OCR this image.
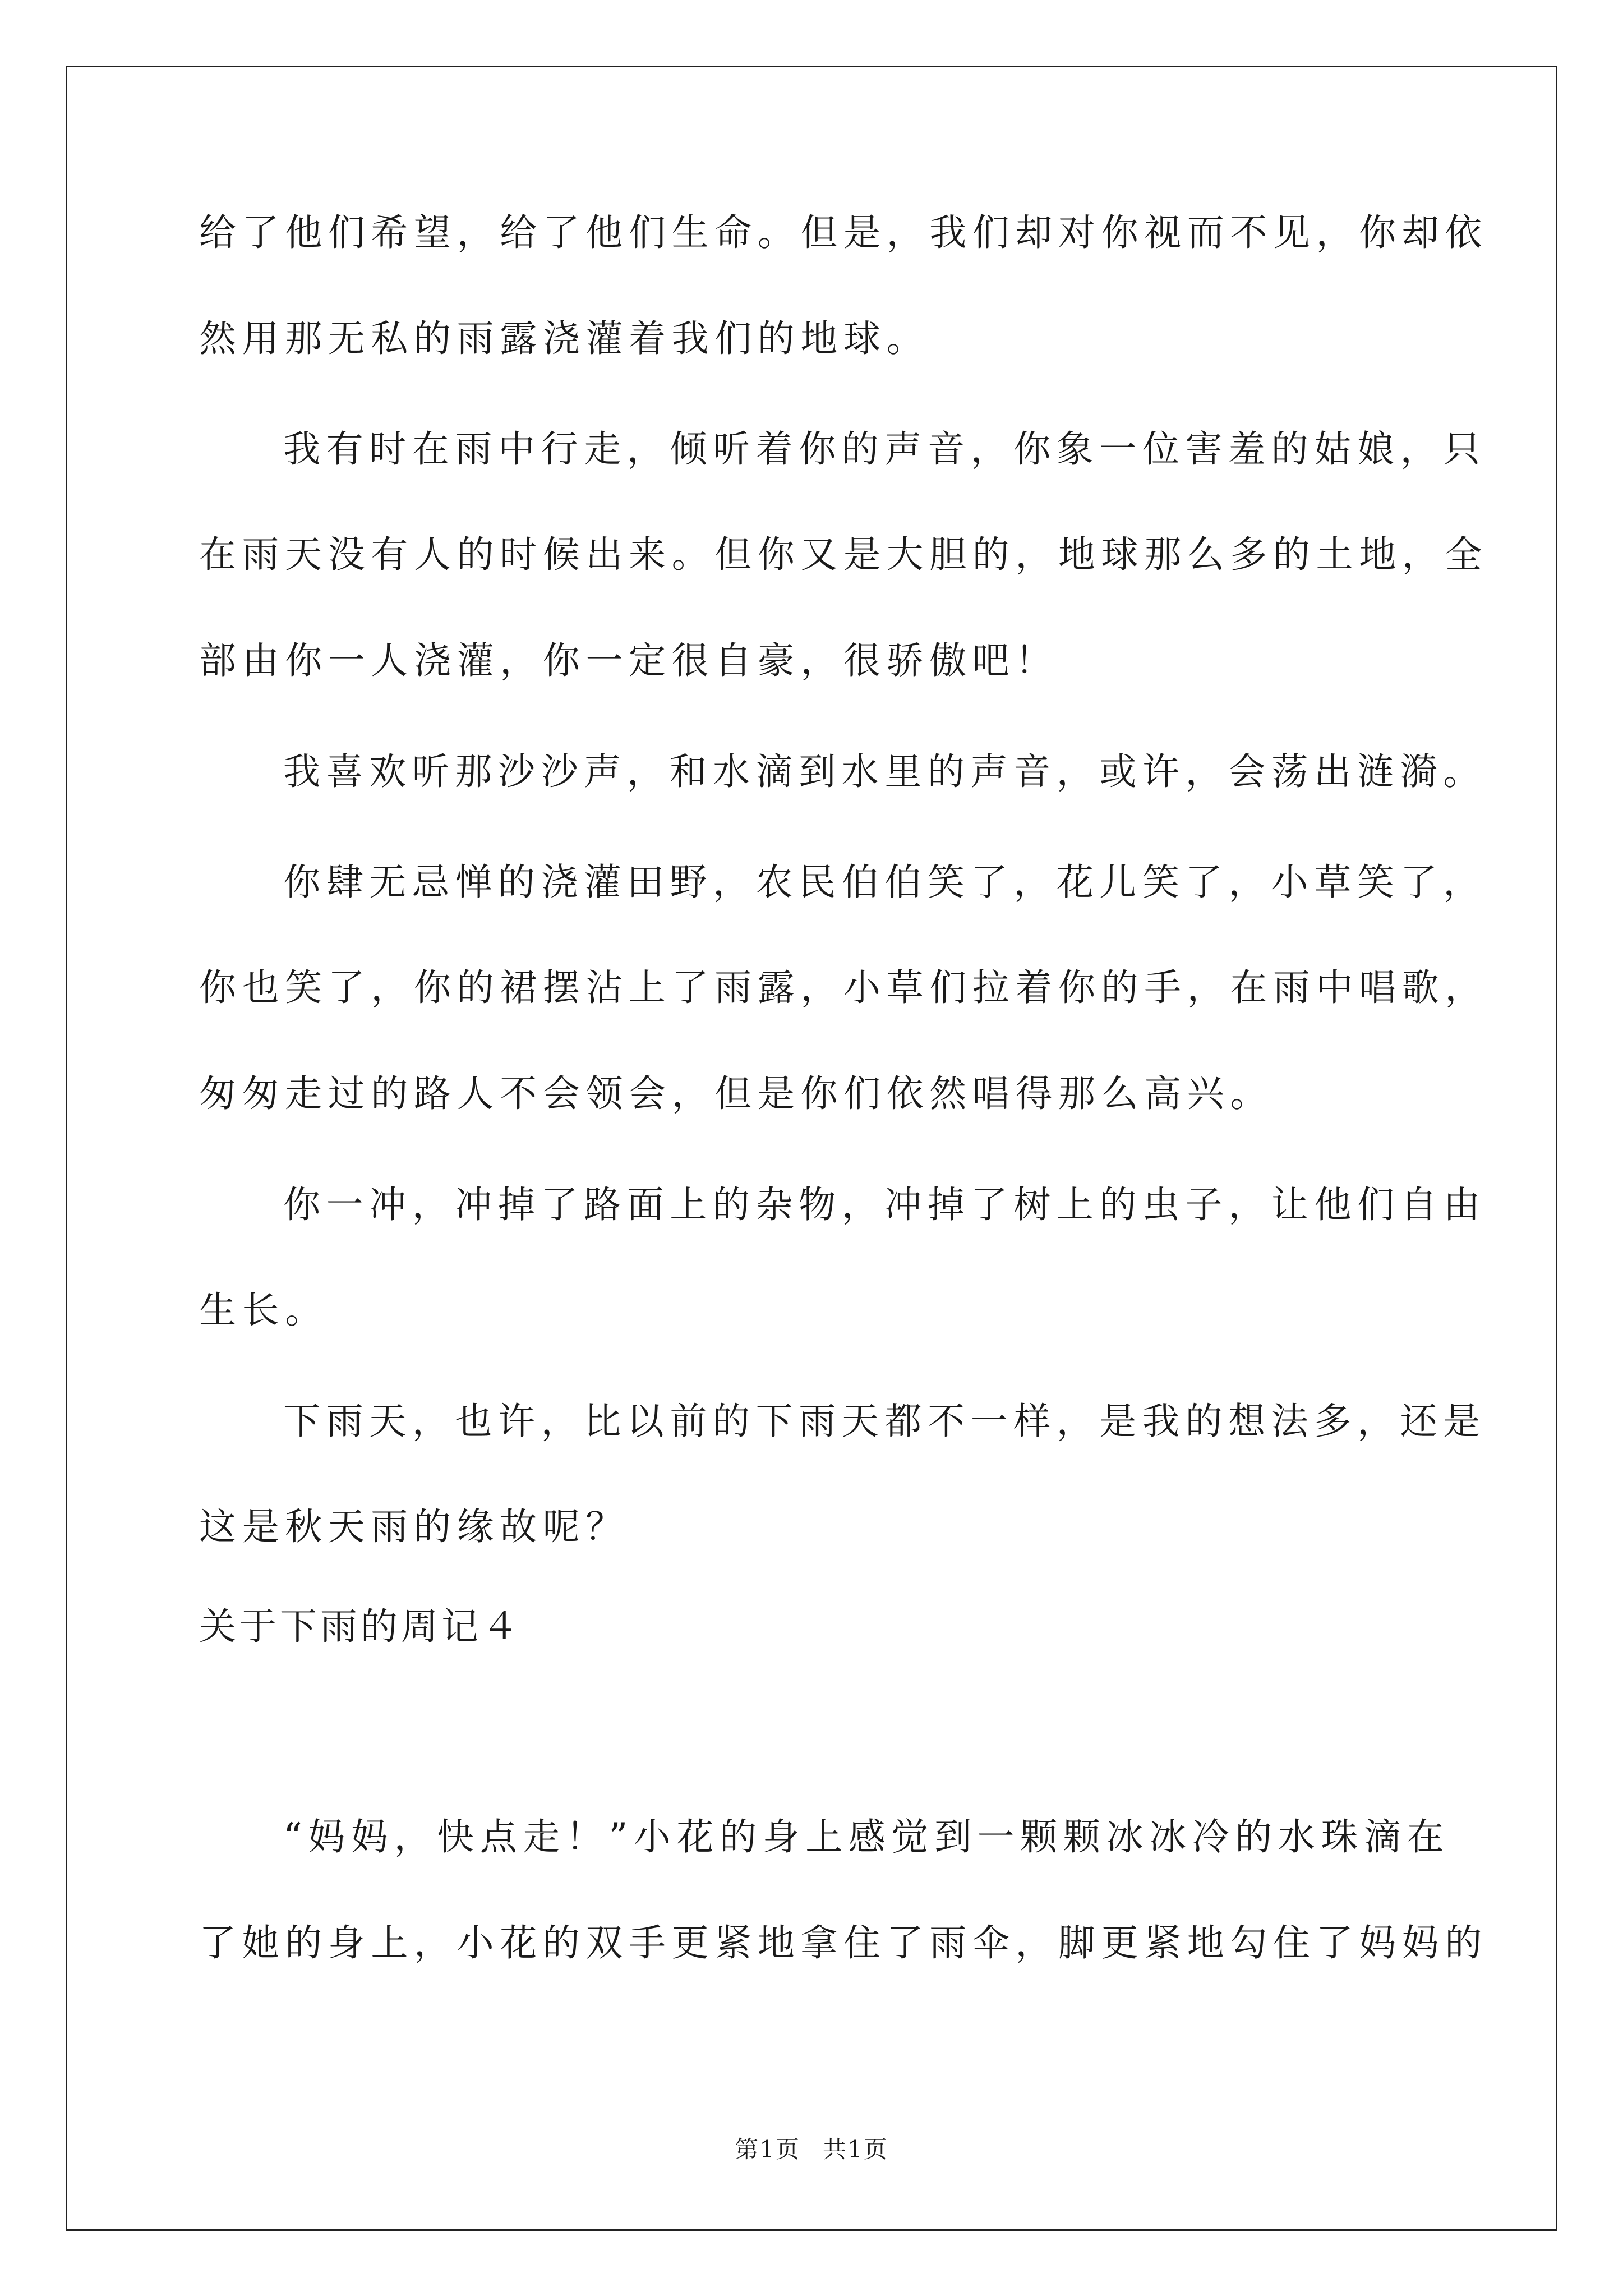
给了他们希望，给了他们生命。但是，我们却对你视而不见，你却依
然用那无私的雨露浇灌着我们的地球。
我有时在雨中行走，倾听着你的声音，你象一位害羞的姑娘，只
在雨天没有人的时候出来。但你又是大胆的，地球那么多的土地，全
部由你一人浇灌，你一定很自豪，很骄傲吧！
我喜欢听那沙沙声，和水滴到水里的声音，或许，会荡出涟漪。
你肆无忌惮的浇灌田野，农民伯伯笑了，花儿笑了，小草笑了，
你也笑了，你的裙摆沾上了雨露，小草们拉着你的手，在雨中唱歌，
匆匆走过的路人不会领会，但是你们依然唱得那么高兴。
你一冲，冲掉了路面上的杂物，冲掉了树上的虫子，让他们自由
生长。
下雨天，也许，比以前的下雨天都不一样，是我的想法多，还是
这是秋天雨的缘故呢？
关于下雨的周记４
“妈妈，快点走！”小花的身上感觉到一颗颗冰冰冷的水珠滴在
了她的身上，小花的双手更紧地拿住了雨伞，脚更紧地勾住了妈妈的
第1页 共1页
